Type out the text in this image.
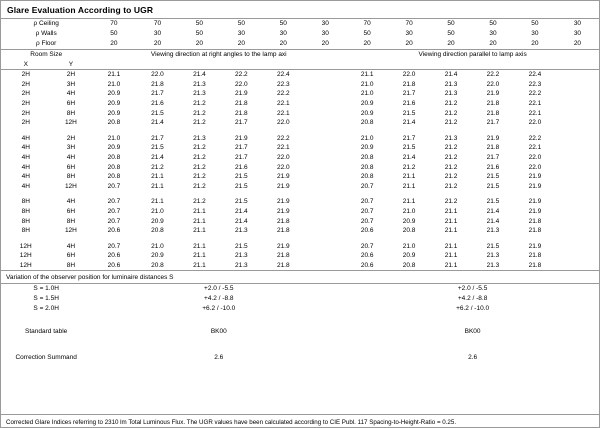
Glare Evaluation According to UGR
ρ Ceiling	70	70	50	50	50	30	70	70	50	50	50	30
ρ Walls	50	30	50	30	30	30	50	30	50	30	30	30
ρ Floor	20	20	20	20	20	20	20	20	20	20	20	20
Room Size		Viewing direction at right angles to the lamp axi						Viewing direction parallel to lamp axis					
X	Y												
2H	2H	21.1	22.0	21.4	22.2	22.4		21.1	22.0	21.4	22.2	22.4	
2H	3H	21.0	21.8	21.3	22.0	22.3		21.0	21.8	21.3	22.0	22.3	
2H	4H	20.9	21.7	21.3	21.9	22.2		21.0	21.7	21.3	21.9	22.2	
2H	6H	20.9	21.6	21.2	21.8	22.1		20.9	21.6	21.2	21.8	22.1	
2H	8H	20.9	21.5	21.2	21.8	22.1		20.9	21.5	21.2	21.8	22.1	
2H	12H	20.8	21.4	21.2	21.7	22.0		20.8	21.4	21.2	21.7	22.0	

4H	2H	21.0	21.7	21.3	21.9	22.2		21.0	21.7	21.3	21.9	22.2	
4H	3H	20.9	21.5	21.2	21.7	22.1		20.9	21.5	21.2	21.8	22.1	
4H	4H	20.8	21.4	21.2	21.7	22.0		20.8	21.4	21.2	21.7	22.0	
4H	6H	20.8	21.2	21.2	21.6	22.0		20.8	21.2	21.2	21.6	22.0	
4H	8H	20.8	21.1	21.2	21.5	21.9		20.8	21.1	21.2	21.5	21.9	
4H	12H	20.7	21.1	21.2	21.5	21.9		20.7	21.1	21.2	21.5	21.9	

8H	4H	20.7	21.1	21.2	21.5	21.9		20.7	21.1	21.2	21.5	21.9	
8H	6H	20.7	21.0	21.1	21.4	21.9		20.7	21.0	21.1	21.4	21.9	
8H	8H	20.7	20.9	21.1	21.4	21.8		20.7	20.9	21.1	21.4	21.8	
8H	12H	20.6	20.8	21.1	21.3	21.8		20.6	20.8	21.1	21.3	21.8	

12H	4H	20.7	21.0	21.1	21.5	21.9		20.7	21.0	21.1	21.5	21.9	
12H	6H	20.6	20.9	21.1	21.3	21.8		20.6	20.9	21.1	21.3	21.8	
12H	8H	20.6	20.8	21.1	21.3	21.8		20.6	20.8	21.1	21.3	21.8	
Variation of the observer position for luminaire distances S
S = 1.0H	+2.0 / -5.5	+2.0 / -5.5
S = 1.5H	+4.2 / -8.8	+4.2 / -8.8
S = 2.0H	+6.2 / -10.0	+6.2 / -10.0

Standard table	BK00	BK00

Correction Summand	2.6	2.6
Corrected Glare Indices referring to 2310 lm Total Luminous Flux. The UGR values have been calculated according to CIE Publ. 117 Spacing-to-Height-Ratio = 0.25.
